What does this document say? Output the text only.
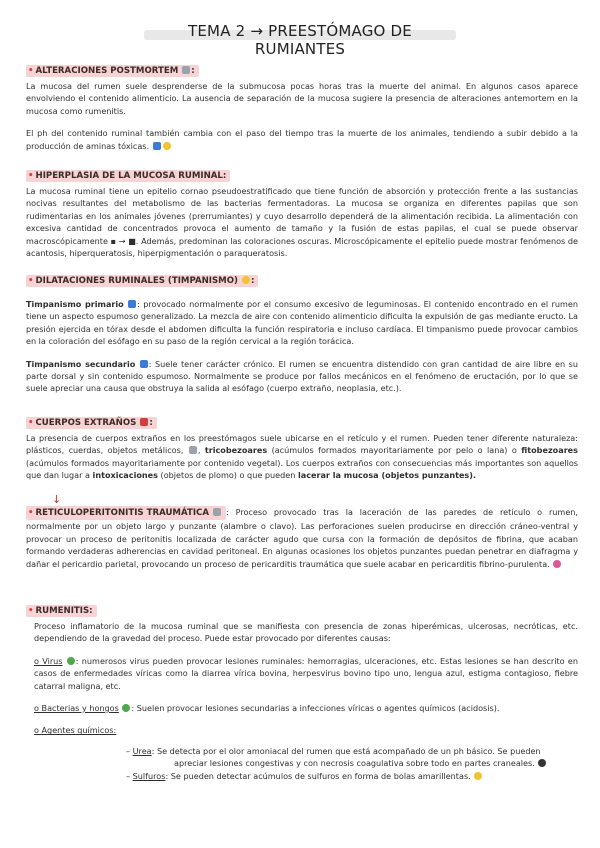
TEMA 2 → PREESTÓMAGO DE RUMIANTES
• ALTERACIONES POSTMORTEM :

La mucosa del rumen suele desprenderse de la submucosa pocas horas tras la muerte del animal. En algunos casos aparece envolviendo el contenido alimenticio. La ausencia de separación de la mucosa sugiere la presencia de alteraciones antemortem en la mucosa como rumenitis.

El ph del contenido ruminal también cambia con el paso del tiempo tras la muerte de los animales, tendiendo a subir debido a la producción de aminas tóxicas.

• HIPERPLASIA DE LA MUCOSA RUMINAL:

La mucosa ruminal tiene un epitelio cornao pseudoestratificado que tiene función de absorción y protección frente a las sustancias nocivas resultantes del metabolismo de las bacterias fermentadoras. La mucosa se organiza en diferentes papilas que son rudimentarias en los animales jóvenes (prerrumiantes) y cuyo desarrollo dependerá de la alimentación recibida. La alimentación con excesiva cantidad de concentrados provoca el aumento de tamaño y la fusión de estas papilas, el cual se puede observar macroscópicamente ▪ → ■. Además, predominan las coloraciones oscuras. Microscópicamente el epitelio puede mostrar fenómenos de acantosis, hiperqueratosis, hiperpigmentación o paraqueratosis.

• DILATACIONES RUMINALES (TIMPANISMO) :

Timpanismo primario : provocado normalmente por el consumo excesivo de leguminosas. El contenido encontrado en el rumen tiene un aspecto espumoso generalizado. La mezcla de aire con contenido alimenticio dificulta la expulsión de gas mediante eructo. La presión ejercida en tórax desde el abdomen dificulta la función respiratoria e incluso cardíaca. El timpanismo puede provocar cambios en la coloración del esófago en su paso de la región cervical a la región torácica.

Timpanismo secundario : Suele tener carácter crónico. El rumen se encuentra distendido con gran cantidad de aire libre en su parte dorsal y sin contenido espumoso. Normalmente se produce por fallos mecánicos en el fenómeno de eructación, por lo que se suele apreciar una causa que obstruya la salida al esófago (cuerpo extraño, neoplasia, etc.).

• CUERPOS EXTRAÑOS :

La presencia de cuerpos extraños en los preestómagos suele ubicarse en el retículo y el rumen. Pueden tener diferente naturaleza: plásticos, cuerdas, objetos metálicos, , tricobezoares (acúmulos formados mayoritariamente por pelo o lana) o fitobezoares (acúmulos formados mayoritariamente por contenido vegetal). Los cuerpos extraños con consecuencias más importantes son aquellos que dan lugar a intoxicaciones (objetos de plomo) o que pueden lacerar la mucosa (objetos punzantes).

↓

• RETICULOPERITONITIS TRAUMÁTICA : Proceso provocado tras la laceración de las paredes de retículo o rumen, normalmente por un objeto largo y punzante (alambre o clavo). Las perforaciones suelen producirse en dirección cráneo-ventral y provocar un proceso de peritonitis localizada de carácter agudo que cursa con la formación de depósitos de fibrina, que acaban formando verdaderas adherencias en cavidad peritoneal. En algunas ocasiones los objetos punzantes puedan penetrar en diafragma y dañar el pericardio parietal, provocando un proceso de pericarditis traumática que suele acabar en pericarditis fibrino-purulenta.

• RUMENITIS:

Proceso inflamatorio de la mucosa ruminal que se manifiesta con presencia de zonas hiperémicas, ulcerosas, necróticas, etc. dependiendo de la gravedad del proceso. Puede estar provocado por diferentes causas:

o Virus : numerosos virus pueden provocar lesiones ruminales: hemorragias, ulceraciones, etc. Estas lesiones se han descrito en casos de enfermedades víricas como la diarrea vírica bovina, herpesvirus bovino tipo uno, lengua azul, estigma contagioso, fiebre catarral maligna, etc.

o Bacterias y hongos : Suelen provocar lesiones secundarias a infecciones víricas o agentes químicos (acidosis).

o Agentes químicos:

– Urea: Se detecta por el olor amoniacal del rumen que está acompañado de un ph básico. Se pueden

apreciar lesiones congestivas y con necrosis coagulativa sobre todo en partes craneales.

– Sulfuros: Se pueden detectar acúmulos de sulfuros en forma de bolas amarillentas.
